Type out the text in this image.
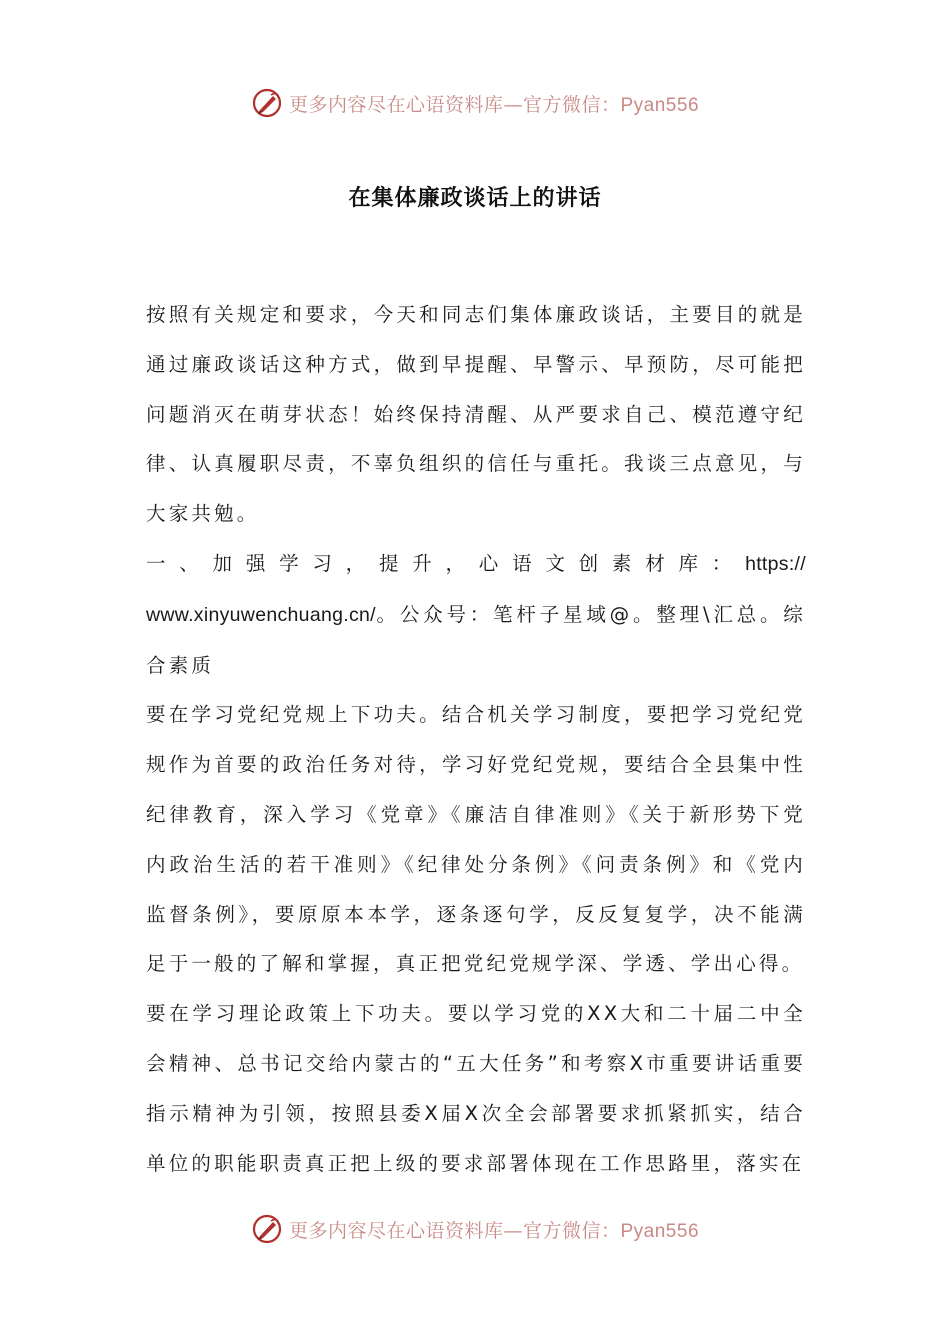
更多内容尽在心语资料库—官方微信：Pyan556
在集体廉政谈话上的讲话

按照有关规定和要求，今天和同志们集体廉政谈话，主要目的就是通过廉政谈话这种方式，做到早提醒、早警示、早预防，尽可能把问题消灭在萌芽状态！始终保持清醒、从严要求自己、模范遵守纪律、认真履职尽责，不辜负组织的信任与重托。我谈三点意见，与大家共勉。

一、加强学习，提升，心语文创素材库：https://

www.xinyuwenchuang.cn/。公众号：笔杆子星域@。整理\汇总。综合素质

要在学习党纪党规上下功夫。结合机关学习制度，要把学习党纪党规作为首要的政治任务对待，学习好党纪党规，要结合全县集中性纪律教育，深入学习《党章》《廉洁自律准则》《关于新形势下党内政治生活的若干准则》《纪律处分条例》《问责条例》和《党内监督条例》，要原原本本学，逐条逐句学，反反复复学，决不能满足于一般的了解和掌握，真正把党纪党规学深、学透、学出心得。

要在学习理论政策上下功夫。要以学习党的XX大和二十届二中全会精神、总书记交给内蒙古的“五大任务”和考察X市重要讲话重要指示精神为引领，按照县委X届X次全会部署要求抓紧抓实，结合单位的职能职责真正把上级的要求部署体现在工作思路里，落实在

更多内容尽在心语资料库—官方微信：Pyan556
